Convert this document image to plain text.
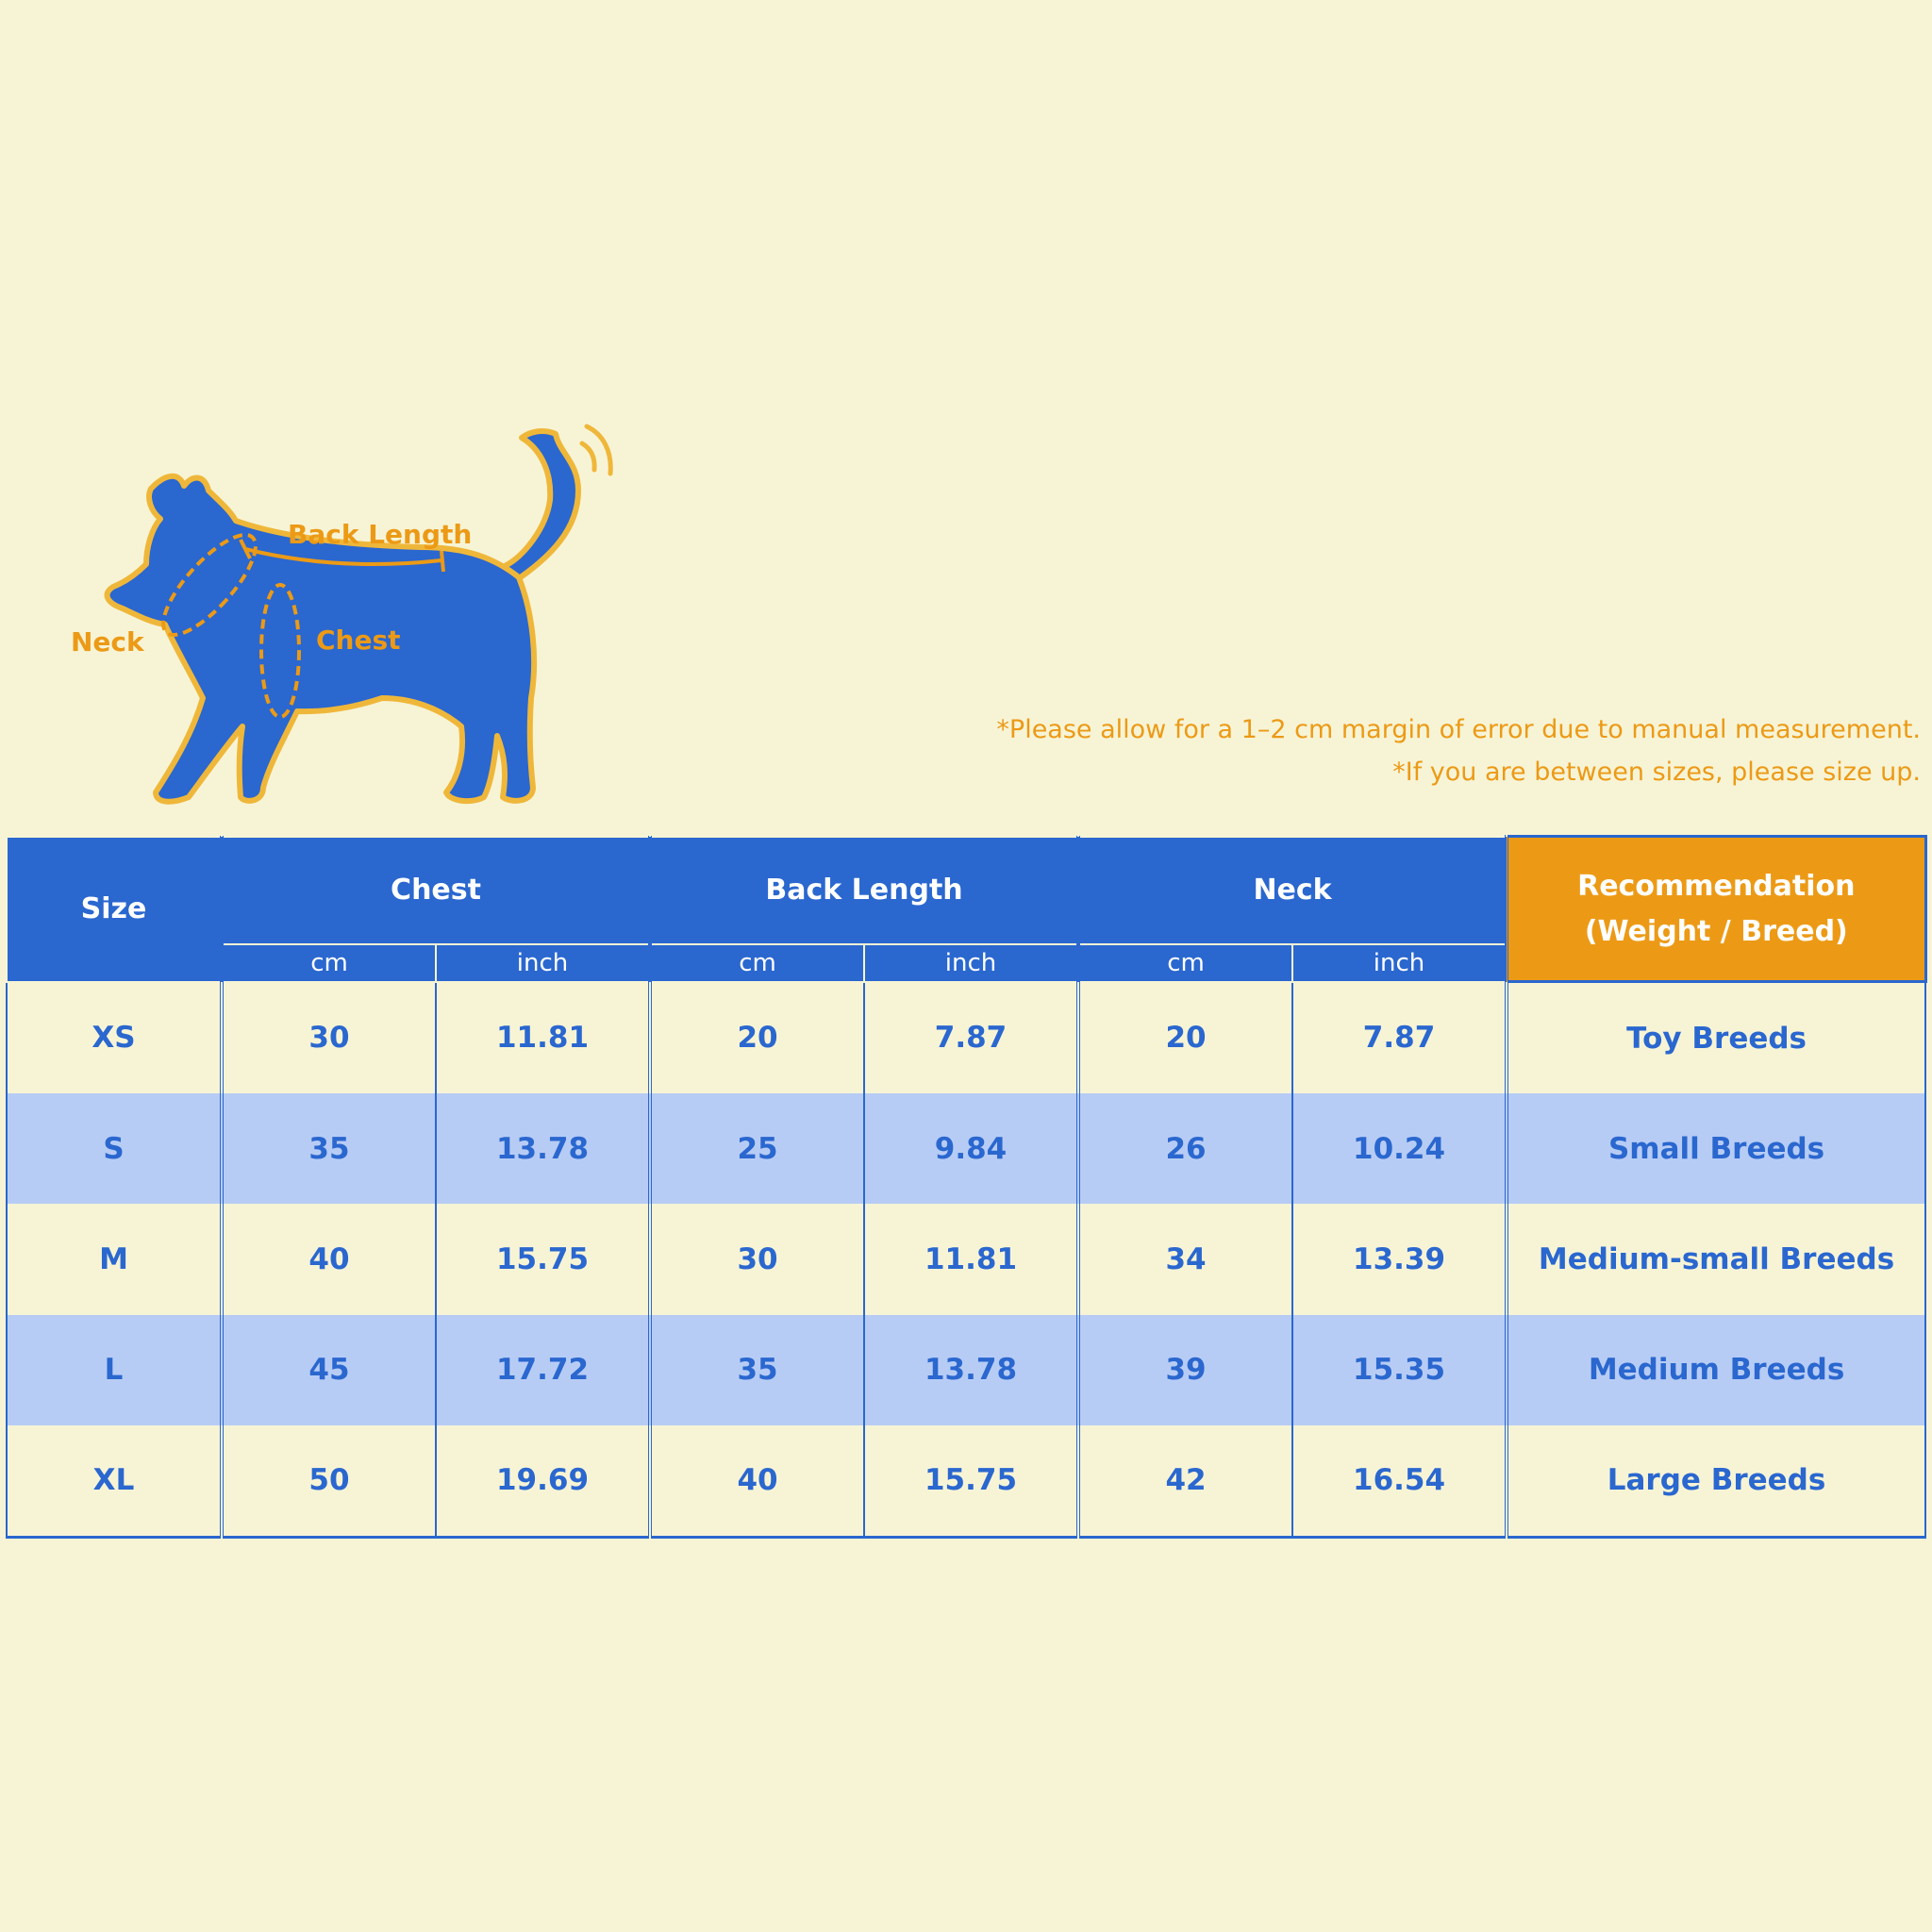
Back Length
Neck	Chest
*Please allow for a 1–2 cm margin of error due to manual measurement.
*If you are between sizes, please size up.
Size	Chest		Back Length		Neck		Recommendation
(Weight / Breed)

	cm	inch	cm	inch	cm	inch	
XS	30	11.81	20	7.87	20	7.87	Toy Breeds
S	35	13.78	25	9.84	26	10.24	Small Breeds
M	40	15.75	30	11.81	34	13.39	Medium-small Breeds
L	45	17.72	35	13.78	39	15.35	Medium Breeds
XL	50	19.69	40	15.75	42	16.54	Large Breeds
